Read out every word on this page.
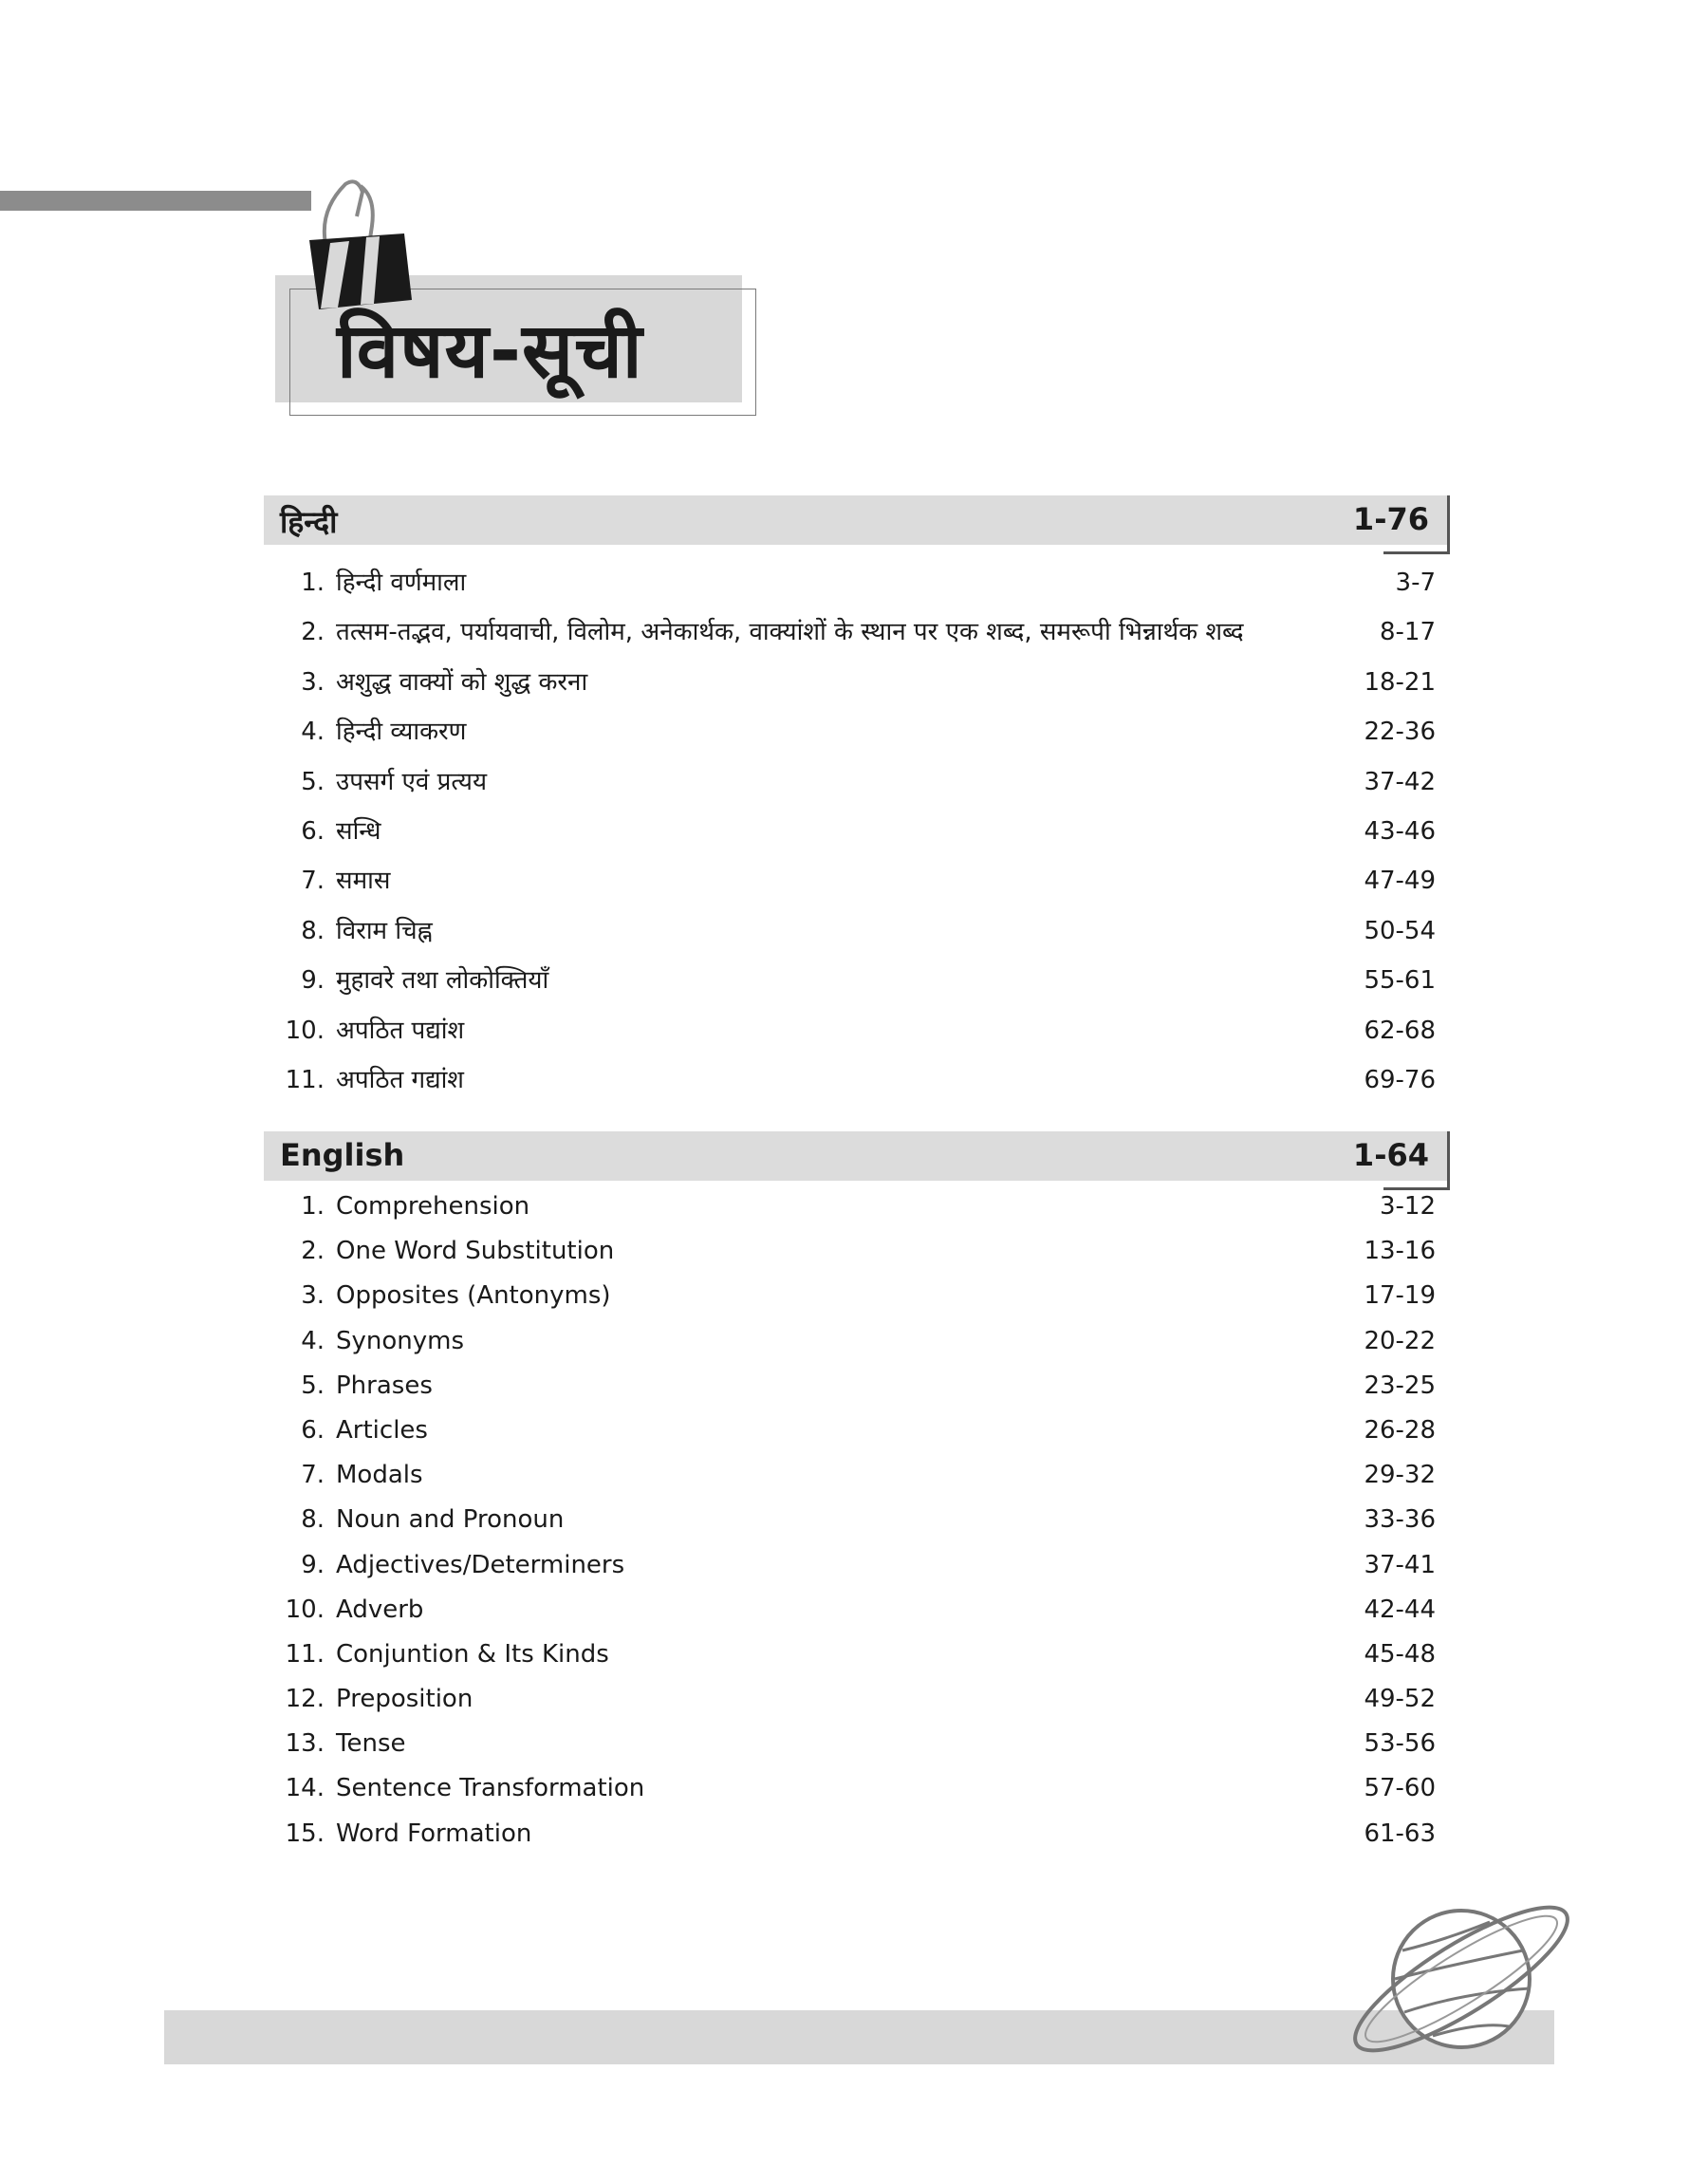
विषय-सूची
हिन्दी	1-76
1. हिन्दी वर्णमाला	3-7
2. तत्सम-तद्भव, पर्यायवाची, विलोम, अनेकार्थक, वाक्यांशों के स्थान पर एक शब्द, समरूपी भिन्नार्थक शब्द	8-17
3. अशुद्ध वाक्यों को शुद्ध करना	18-21
4. हिन्दी व्याकरण	22-36
5. उपसर्ग एवं प्रत्यय	37-42
6. सन्धि	43-46
7. समास	47-49
8. विराम चिह्न	50-54
9. मुहावरे तथा लोकोक्तियाँ	55-61
10. अपठित पद्यांश	62-68
11. अपठित गद्यांश	69-76
English	1-64
1. Comprehension	3-12
2. One Word Substitution	13-16
3. Opposites (Antonyms)	17-19
4. Synonyms	20-22
5. Phrases	23-25
6. Articles	26-28
7. Modals	29-32
8. Noun and Pronoun	33-36
9. Adjectives/Determiners	37-41
10. Adverb	42-44
11. Conjuntion & Its Kinds	45-48
12. Preposition	49-52
13. Tense	53-56
14. Sentence Transformation	57-60
15. Word Formation	61-63
